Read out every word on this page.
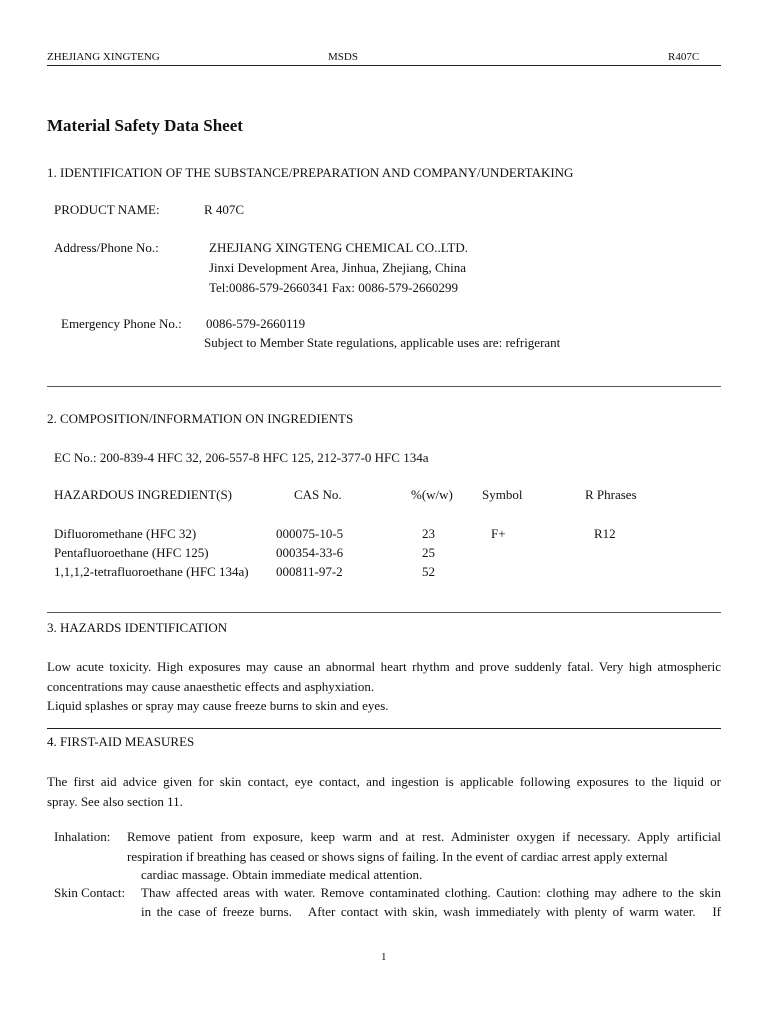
ZHEJIANG XINGTENG	MSDS	R407C
Material Safety Data Sheet
1. IDENTIFICATION OF THE SUBSTANCE/PREPARATION AND COMPANY/UNDERTAKING
PRODUCT NAME:	R 407C
Address/Phone No.:	ZHEJIANG XINGTENG CHEMICAL CO..LTD.
Jinxi Development Area, Jinhua, Zhejiang, China
Tel:0086-579-2660341 Fax: 0086-579-2660299
Emergency Phone No.: 0086-579-2660119
Subject to Member State regulations, applicable uses are: refrigerant
2. COMPOSITION/INFORMATION ON INGREDIENTS
EC No.: 200-839-4 HFC 32, 206-557-8 HFC 125, 212-377-0 HFC 134a
HAZARDOUS INGREDIENT(S)	CAS No.	%(w/w) Symbol	R Phrases
Difluoromethane (HFC 32)	000075-10-5	23	F+	R12
Pentafluoroethane (HFC 125)	000354-33-6	25
1,1,1,2-tetrafluoroethane (HFC 134a) 000811-97-2	52
3. HAZARDS IDENTIFICATION
Low acute toxicity. High exposures may cause an abnormal heart rhythm and prove suddenly fatal. Very high atmospheric
concentrations may cause anaesthetic effects and asphyxiation.
Liquid splashes or spray may cause freeze burns to skin and eyes.
4. FIRST-AID MEASURES
The first aid advice given for skin contact, eye contact, and ingestion is applicable following exposures to the liquid or
spray. See also section 11.
Inhalation: Remove patient from exposure, keep warm and at rest. Administer oxygen if necessary. Apply artificial
respiration if breathing has ceased or shows signs of failing. In the event of cardiac arrest apply external
cardiac massage. Obtain immediate medical attention.
Skin Contact: Thaw affected areas with water. Remove contaminated clothing. Caution: clothing may adhere to the skin
in the case of freeze burns.   After contact with skin, wash immediately with plenty of warm water.   If
1
